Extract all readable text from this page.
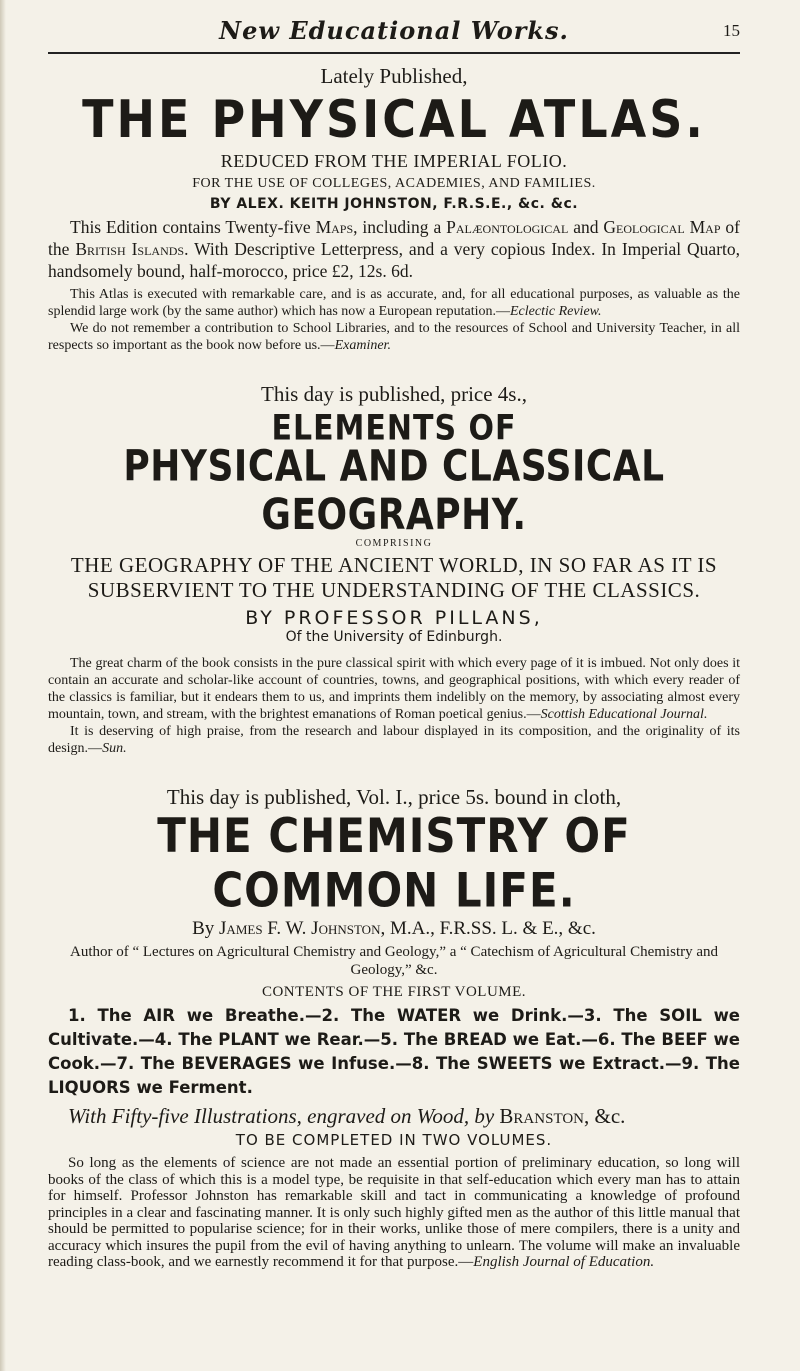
New Educational Works.	15
Lately Published,
THE PHYSICAL ATLAS.
REDUCED FROM THE IMPERIAL FOLIO.
FOR THE USE OF COLLEGES, ACADEMIES, AND FAMILIES.
BY ALEX. KEITH JOHNSTON, F.R.S.E., &c. &c.

This Edition contains Twenty-five Maps, including a Palæontological and Geological Map of the British Islands. With Descriptive Letterpress, and a very copious Index. In Imperial Quarto, handsomely bound, half-morocco, price £2, 12s. 6d.

This Atlas is executed with remarkable care, and is as accurate, and, for all educational purposes, as valuable as the splendid large work (by the same author) which has now a European reputation.—Eclectic Review.

We do not remember a contribution to School Libraries, and to the resources of School and University Teacher, in all respects so important as the book now before us.—Examiner.

This day is published, price 4s.,
ELEMENTS OF
PHYSICAL AND CLASSICAL GEOGRAPHY.
COMPRISING
THE GEOGRAPHY OF THE ANCIENT WORLD, IN SO FAR AS IT IS SUBSERVIENT TO THE UNDERSTANDING OF THE CLASSICS.
BY PROFESSOR PILLANS,
Of the University of Edinburgh.

The great charm of the book consists in the pure classical spirit with which every page of it is imbued. Not only does it contain an accurate and scholar-like account of countries, towns, and geographical positions, with which every reader of the classics is familiar, but it endears them to us, and imprints them indelibly on the memory, by associating almost every mountain, town, and stream, with the brightest emanations of Roman poetical genius.—Scottish Educational Journal.

It is deserving of high praise, from the research and labour displayed in its composition, and the originality of its design.—Sun.

This day is published, Vol. I., price 5s. bound in cloth,
THE CHEMISTRY OF COMMON LIFE.
By James F. W. Johnston, M.A., F.R.SS. L. & E., &c.
Author of “ Lectures on Agricultural Chemistry and Geology,” a “ Catechism of Agricultural Chemistry and Geology,” &c.
CONTENTS OF THE FIRST VOLUME.

1. The AIR we Breathe.—2. The WATER we Drink.—3. The SOIL we Cultivate.—4. The PLANT we Rear.—5. The BREAD we Eat.—6. The BEEF we Cook.—7. The BEVERAGES we Infuse.—8. The SWEETS we Extract.—9. The LIQUORS we Ferment.

With Fifty-five Illustrations, engraved on Wood, by Branston, &c.
TO BE COMPLETED IN TWO VOLUMES.

So long as the elements of science are not made an essential portion of preliminary education, so long will books of the class of which this is a model type, be requisite in that self-education which every man has to attain for himself. Professor Johnston has remarkable skill and tact in communicating a knowledge of profound principles in a clear and fascinating manner. It is only such highly gifted men as the author of this little manual that should be permitted to popularise science; for in their works, unlike those of mere compilers, there is a unity and accuracy which insures the pupil from the evil of having anything to unlearn. The volume will make an invaluable reading class-book, and we earnestly recommend it for that purpose.—English Journal of Education.
